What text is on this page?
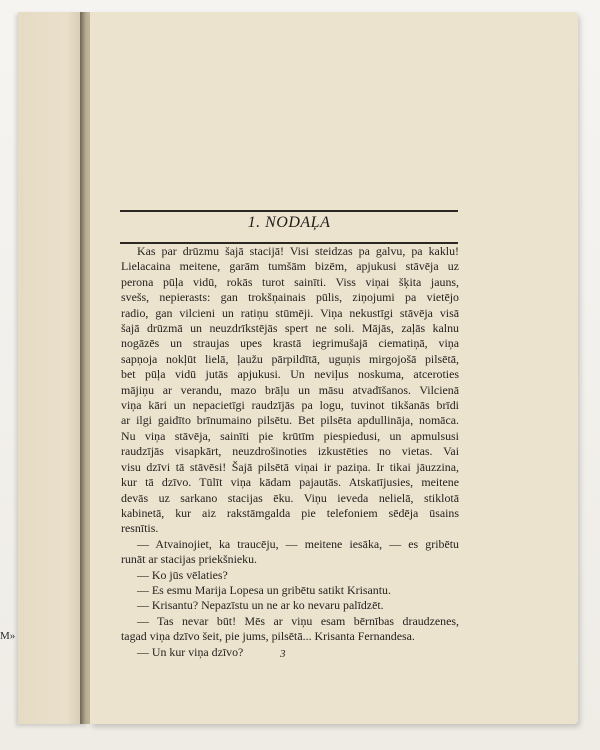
M»
1. NODAĻA
Kas par drūzmu šajā stacijā! Visi steidzas pa galvu, pa kaklu!
Lielacaina meitene, garām tumšām bizēm, apjukusi stāvēja uz
perona pūļa vidū, rokās turot sainīti. Viss viņai šķita jauns,
svešs, nepierasts: gan trokšņainais pūlis, ziņojumi pa vietējo
radio, gan vilcieni un ratiņu stūmēji. Viņa nekustīgi stāvēja visā
šajā drūzmā un neuzdrīkstējās spert ne soli. Mājās, zaļās kalnu
nogāzēs un straujas upes krastā iegrimušajā ciematiņā, viņa
sapņoja nokļūt lielā, ļaužu pārpildītā, uguņis mirgojošā pilsētā,
bet pūļa vidū jutās apjukusi. Un neviļus noskuma, atceroties
mājiņu ar verandu, mazo brāļu un māsu atvadīšanos. Vilcienā
viņa kāri un nepacietīgi raudzījās pa logu, tuvinot tikšanās brīdi
ar ilgi gaidīto brīnumaino pilsētu. Bet pilsēta apdullināja, nomāca.
Nu viņa stāvēja, sainīti pie krūtīm piespiedusi, un apmulsusi
raudzījās visapkārt, neuzdrošinoties izkustēties no vietas. Vai
visu dzīvi tā stāvēsi! Šajā pilsētā viņai ir paziņa. Ir tikai jāuzzina,
kur tā dzīvo. Tūlīt viņa kādam pajautās. Atskatījusies, meitene
devās uz sarkano stacijas ēku. Viņu ieveda nelielā, stiklotā
kabinetā, kur aiz rakstāmgalda pie telefoniem sēdēja ūsains
resnītis.
— Atvainojiet, ka traucēju, — meitene iesāka, — es gribētu
runāt ar stacijas priekšnieku.
— Ko jūs vēlaties?
— Es esmu Marija Lopesa un gribētu satikt Krisantu.
— Krisantu? Nepazīstu un ne ar ko nevaru palīdzēt.
— Tas nevar būt! Mēs ar viņu esam bērnības draudzenes,
tagad viņa dzīvo šeit, pie jums, pilsētā... Krisanta Fernandesa.
— Un kur viņa dzīvo?	3
